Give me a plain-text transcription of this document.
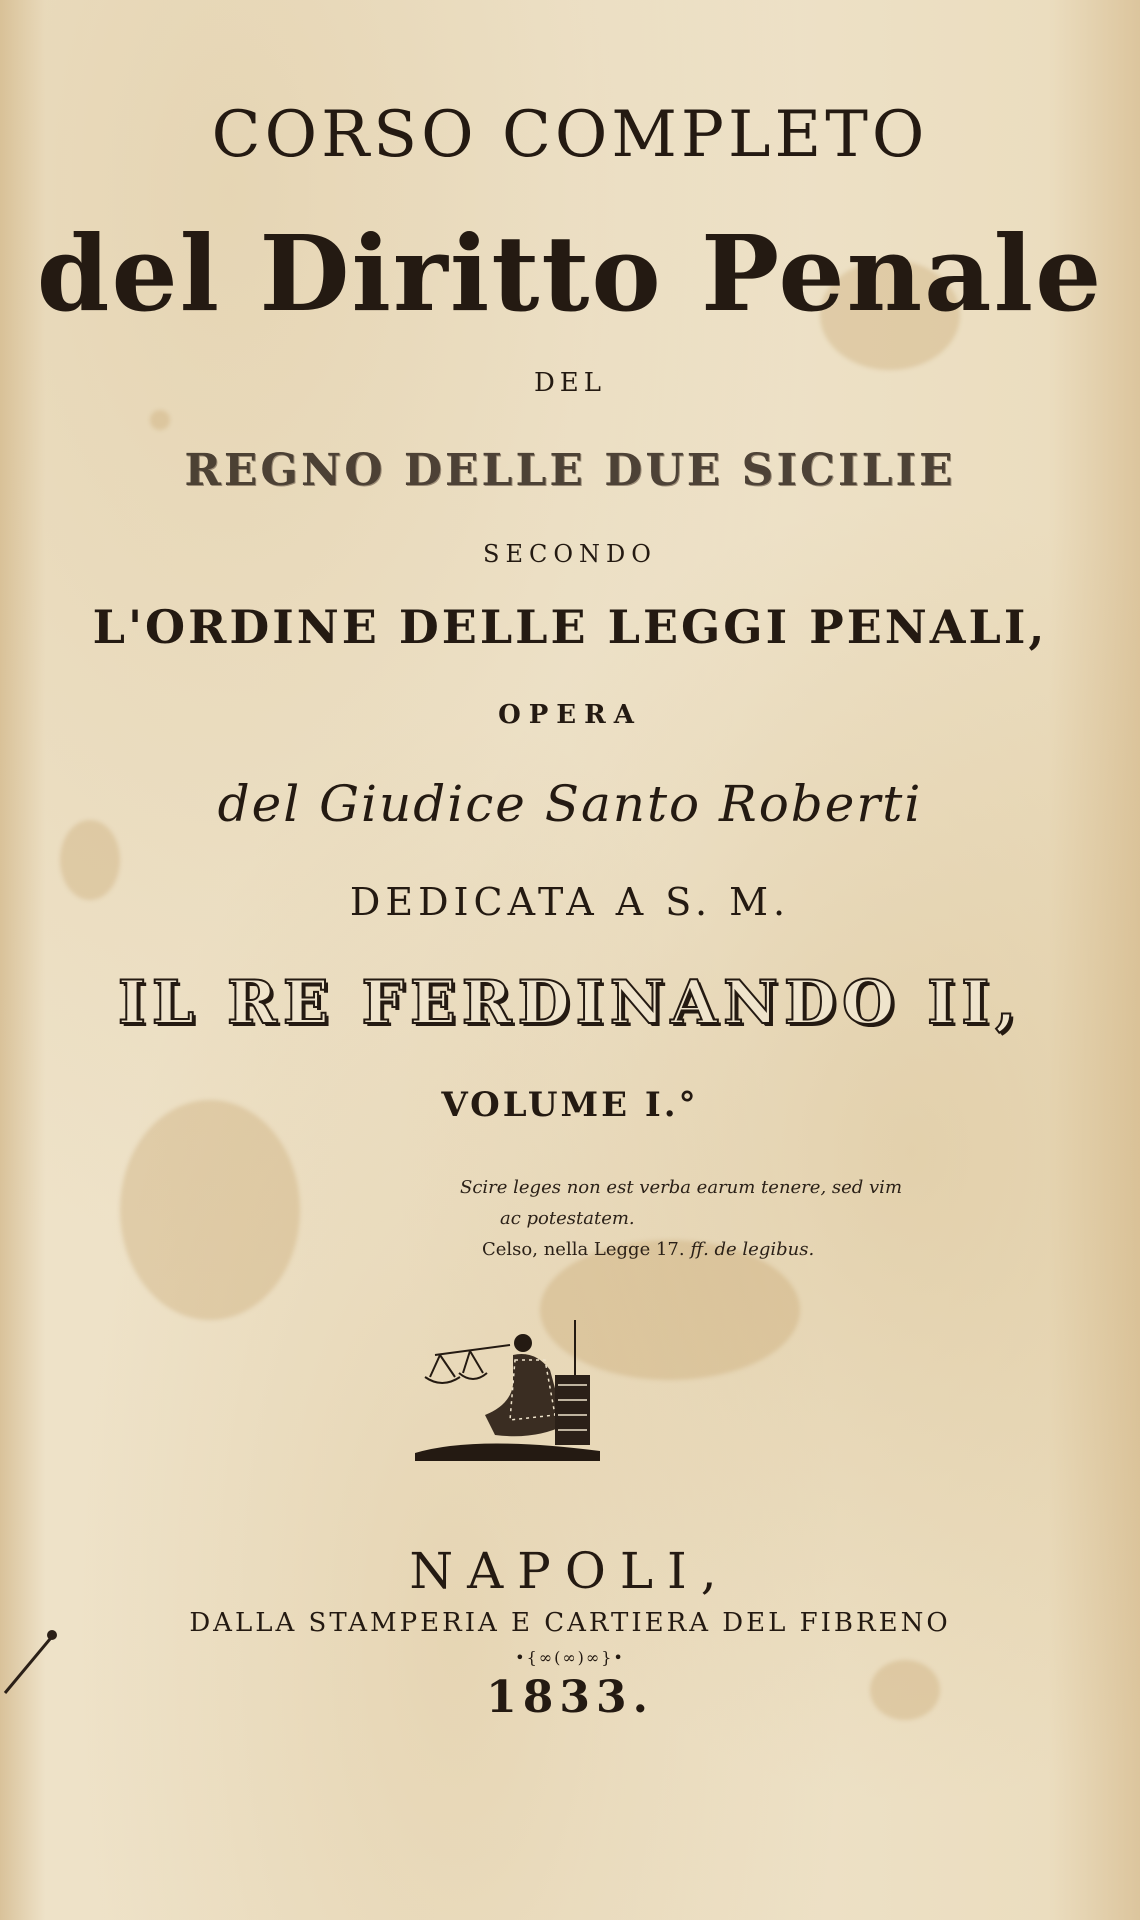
CORSO COMPLETO
del Diritto Penale
DEL
REGNO DELLE DUE SICILIE
SECONDO
L'ORDINE DELLE LEGGI PENALI,
OPERA
del Giudice Santo Roberti
DEDICATA A S. M.
IL RE FERDINANDO II,
VOLUME I.°
Scire leges non est verba earum tenere, sed vim
ac potestatem.
Celso, nella Legge 17. ff. de legibus.
NAPOLI,
DALLA STAMPERIA E CARTIERA DEL FIBRENO
•{∞(∞)∞}•
1833.
